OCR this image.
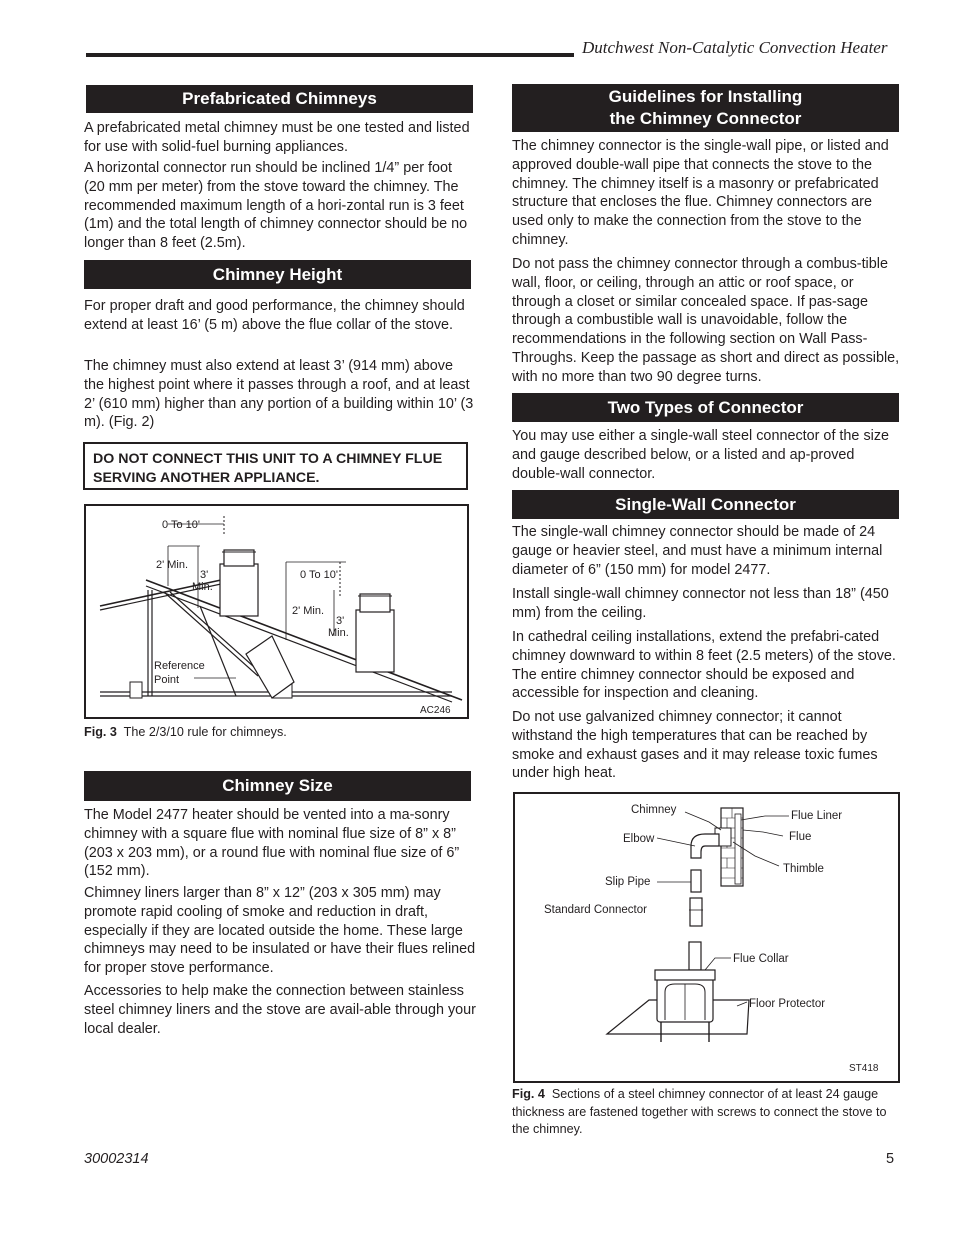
Dutchwest Non-Catalytic Convection Heater
Prefabricated Chimneys

A prefabricated metal chimney must be one tested and listed for use with solid-fuel burning appliances.

A horizontal connector run should be inclined 1/4” per foot (20 mm per meter) from the stove toward the chimney. The recommended maximum length of a hori-zontal run is 3 feet (1m) and the total length of chimney connector should be no longer than 8 feet (2.5m).

Chimney Height

For proper draft and good performance, the chimney should extend at least 16’ (5 m) above the flue collar of the stove.

The chimney must also extend at least 3’ (914 mm) above the highest point where it passes through a roof, and at least 2’ (610 mm) higher than any portion of a building within 10’ (3 m). (Fig. 2)

DO NOT CONNECT THIS UNIT TO A CHIMNEY FLUE SERVING ANOTHER APPLIANCE.
0 To 10'
2' Min.
3'
Min.
0 To 10'
2' Min.
3'
Min.
Reference
Point
AC246
Fig. 3 The 2/3/10 rule for chimneys.
Chimney Size

The Model 2477 heater should be vented into a ma-sonry chimney with a square flue with nominal flue size of 8” x 8” (203 x 203 mm), or a round flue with nominal flue size of 6” (152 mm).

Chimney liners larger than 8” x 12” (203 x 305 mm) may promote rapid cooling of smoke and reduction in draft, especially if they are located outside the home. These large chimneys may need to be insulated or have their flues relined for proper stove performance.

Accessories to help make the connection between stainless steel chimney liners and the stove are avail-able through your local dealer.

Guidelines for Installing
the Chimney Connector

The chimney connector is the single-wall pipe, or listed and approved double-wall pipe that connects the stove to the chimney. The chimney itself is a masonry or prefabricated structure that encloses the flue. Chimney connectors are used only to make the connection from the stove to the chimney.

Do not pass the chimney connector through a combus-tible wall, floor, or ceiling, through an attic or roof space, or through a closet or similar concealed space. If pas-sage through a combustible wall is unavoidable, follow the recommendations in the following section on Wall Pass-Throughs. Keep the passage as short and direct as possible, with no more than two 90 degree turns.

Two Types of Connector

You may use either a single-wall steel connector of the size and gauge described below, or a listed and ap-proved double-wall connector.

Single-Wall Connector

The single-wall chimney connector should be made of 24 gauge or heavier steel, and must have a minimum internal diameter of 6” (150 mm) for model 2477.

Install single-wall chimney connector not less than 18” (450 mm) from the ceiling.

In cathedral ceiling installations, extend the prefabri-cated chimney downward to within 8 feet (2.5 meters) of the stove. The entire chimney connector should be exposed and accessible for inspection and cleaning.

Do not use galvanized chimney connector; it cannot withstand the high temperatures that can be reached by smoke and exhaust gases and it may release toxic fumes under high heat.

Chimney	Flue Liner
Elbow	Flue
Thimble
Slip Pipe
Standard Connector
Flue Collar
Floor Protector
ST418
Fig. 4 Sections of a steel chimney connector of at least 24 gauge thickness are fastened together with screws to connect the stove to the chimney.
30002314	5
